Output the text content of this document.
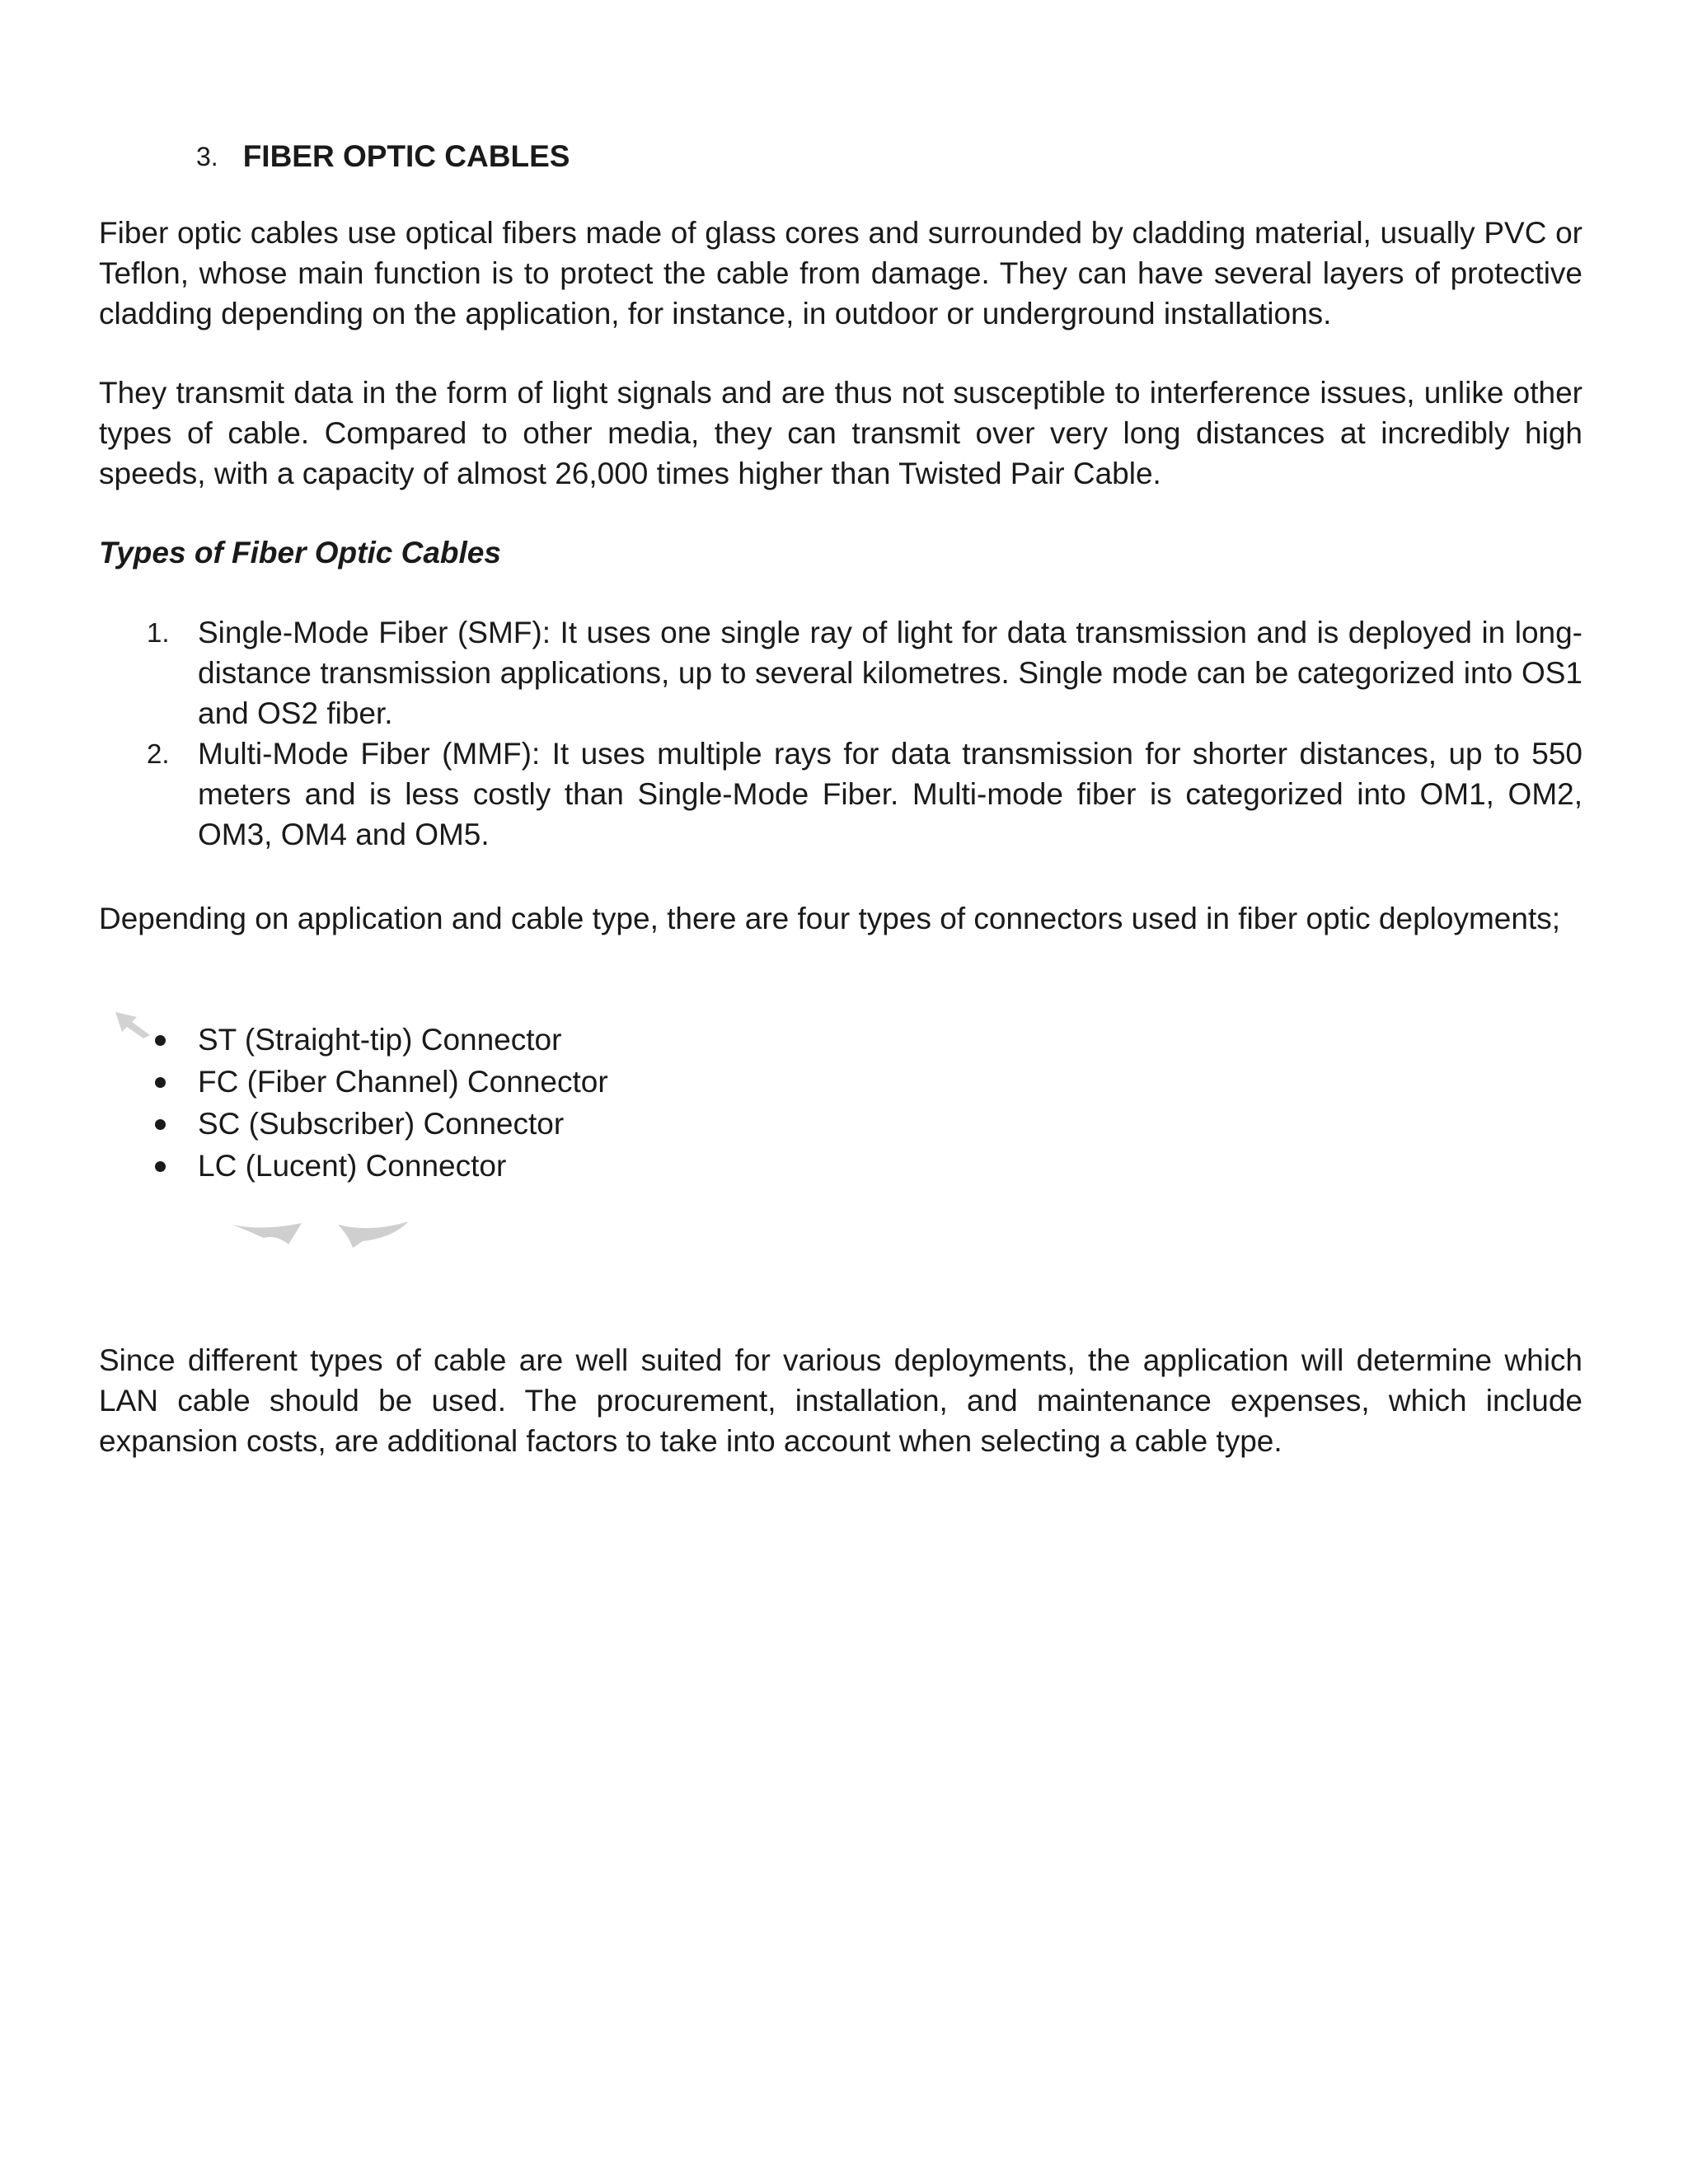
3. FIBER OPTIC CABLES

Fiber optic cables use optical fibers made of glass cores and surrounded by cladding material, usually PVC or Teflon, whose main function is to protect the cable from damage. They can have several layers of protective cladding depending on the application, for instance, in outdoor or underground installations.

They transmit data in the form of light signals and are thus not susceptible to interference issues, unlike other types of cable. Compared to other media, they can transmit over very long distances at incredibly high speeds, with a capacity of almost 26,000 times higher than Twisted Pair Cable.

Types of Fiber Optic Cables
1. Single-Mode Fiber (SMF): It uses one single ray of light for data transmission and is deployed in long-distance transmission applications, up to several kilometres. Single mode can be categorized into OS1 and OS2 fiber.
2. Multi-Mode Fiber (MMF): It uses multiple rays for data transmission for shorter distances, up to 550 meters and is less costly than Single-Mode Fiber. Multi-mode fiber is categorized into OM1, OM2, OM3, OM4 and OM5.

Depending on application and cable type, there are four types of connectors used in fiber optic deployments;

ST (Straight-tip) Connector
FC (Fiber Channel) Connector
SC (Subscriber) Connector
LC (Lucent) Connector

Since different types of cable are well suited for various deployments, the application will determine which LAN cable should be used. The procurement, installation, and maintenance expenses, which include expansion costs, are additional factors to take into account when selecting a cable type.
